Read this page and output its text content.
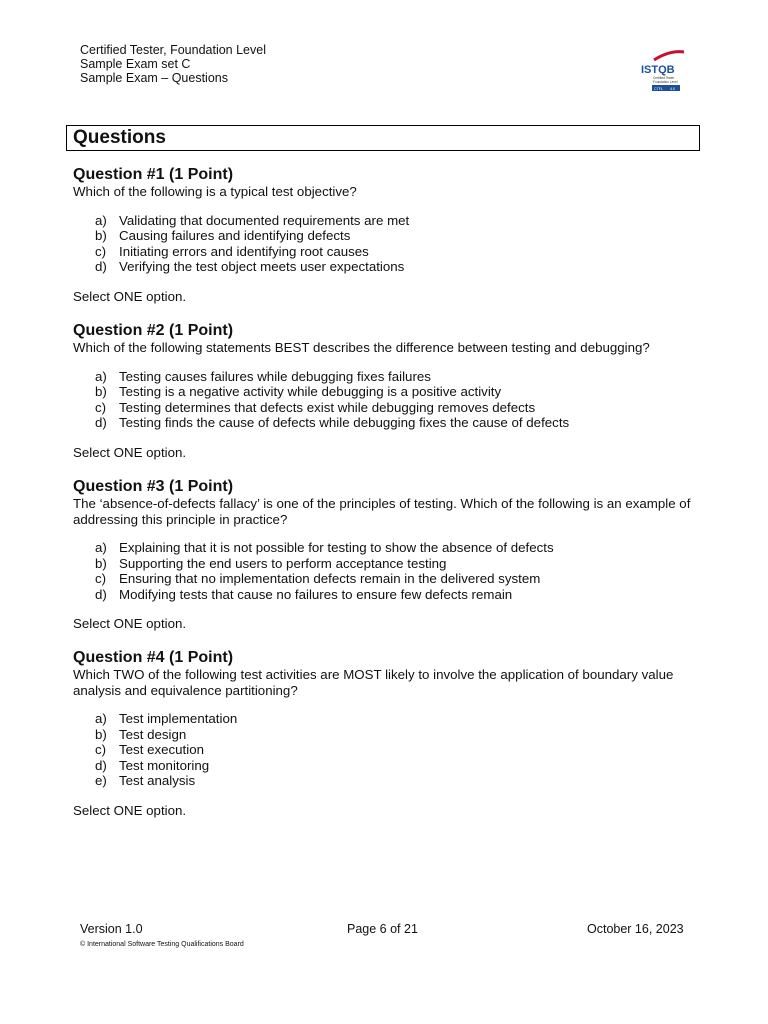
Certified Tester, Foundation Level
Sample Exam set C
Sample Exam – Questions
ISTQB
Certified Tester
Foundation Level
CTFL 4.0
Questions

Question #1 (1 Point)

Which of the following is a typical test objective?

a) Validating that documented requirements are met
b) Causing failures and identifying defects
c) Initiating errors and identifying root causes
d) Verifying the test object meets user expectations
Select ONE option.

Question #2 (1 Point)

Which of the following statements BEST describes the difference between testing and debugging?

a) Testing causes failures while debugging fixes failures
b) Testing is a negative activity while debugging is a positive activity
c) Testing determines that defects exist while debugging removes defects
d) Testing finds the cause of defects while debugging fixes the cause of defects
Select ONE option.

Question #3 (1 Point)

The ‘absence-of-defects fallacy’ is one of the principles of testing. Which of the following is an example of addressing this principle in practice?

a) Explaining that it is not possible for testing to show the absence of defects
b) Supporting the end users to perform acceptance testing
c) Ensuring that no implementation defects remain in the delivered system
d) Modifying tests that cause no failures to ensure few defects remain
Select ONE option.

Question #4 (1 Point)

Which TWO of the following test activities are MOST likely to involve the application of boundary value analysis and equivalence partitioning?

a) Test implementation
b) Test design
c) Test execution
d) Test monitoring
e) Test analysis
Select ONE option.
Version 1.0	Page 6 of 21	October 16, 2023
© International Software Testing Qualifications Board
